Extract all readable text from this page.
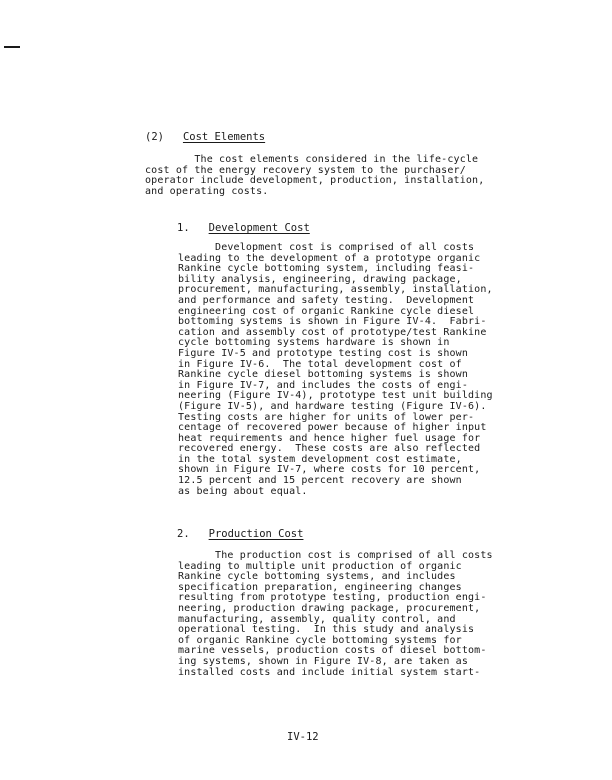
(2) Cost Elements
The cost elements considered in the life-cycle
cost of the energy recovery system to the purchaser/
operator include development, production, installation,
and operating costs.
1. Development Cost
Development cost is comprised of all costs
leading to the development of a prototype organic
Rankine cycle bottoming system, including feasi-
bility analysis, engineering, drawing package,
procurement, manufacturing, assembly, installation,
and performance and safety testing.  Development
engineering cost of organic Rankine cycle diesel
bottoming systems is shown in Figure IV-4.  Fabri-
cation and assembly cost of prototype/test Rankine
cycle bottoming systems hardware is shown in
Figure IV-5 and prototype testing cost is shown
in Figure IV-6.  The total development cost of
Rankine cycle diesel bottoming systems is shown
in Figure IV-7, and includes the costs of engi-
neering (Figure IV-4), prototype test unit building
(Figure IV-5), and hardware testing (Figure IV-6).
Testing costs are higher for units of lower per-
centage of recovered power because of higher input
heat requirements and hence higher fuel usage for
recovered energy.  These costs are also reflected
in the total system development cost estimate,
shown in Figure IV-7, where costs for 10 percent,
12.5 percent and 15 percent recovery are shown
as being about equal.
2. Production Cost
The production cost is comprised of all costs
leading to multiple unit production of organic
Rankine cycle bottoming systems, and includes
specification preparation, engineering changes
resulting from prototype testing, production engi-
neering, production drawing package, procurement,
manufacturing, assembly, quality control, and
operational testing.  In this study and analysis
of organic Rankine cycle bottoming systems for
marine vessels, production costs of diesel bottom-
ing systems, shown in Figure IV-8, are taken as
installed costs and include initial system start-
IV-12
